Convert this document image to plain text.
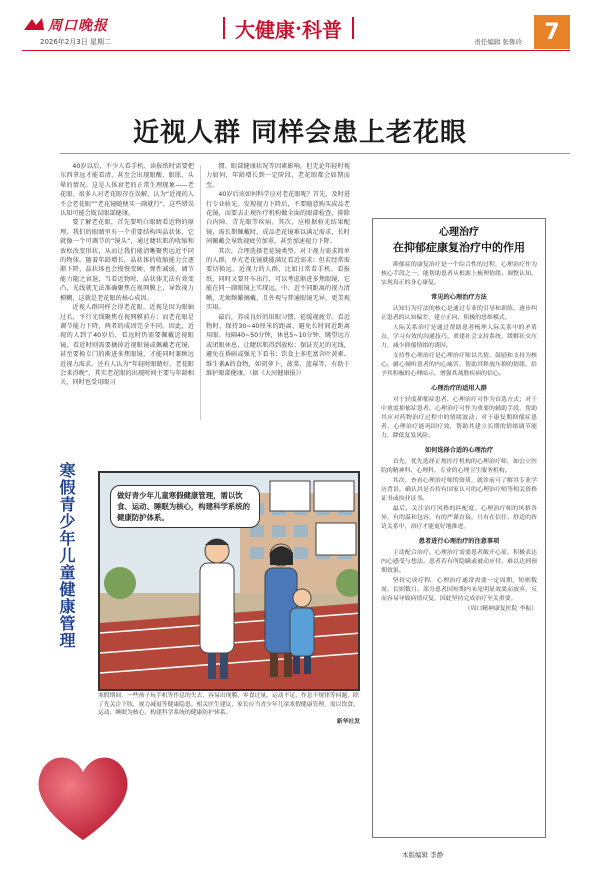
周口晚报
2026年2月3日 星期二
大健康 · 科普
责任编辑 张鲁玲	7
近视人群 同样会患上老花眼

40岁以后，不少人看手机、读报纸时需要把东西拿远才能看清，甚至会出现眼酸、眼胀、头晕的情况。这是人体衰老的正常生理现象——老花眼。很多人对老花眼存在误解，认为“近视的人不会老花眼”“老花镜随便买一副就行”，这些错误认知可能会耽误眼部健康。

要了解老花眼，首先要明白眼睛看近物的原理。我们的眼睛里有一个重要结构叫晶状体，它就像一个可调节的“镜头”，通过睫状肌的收缩和放松改变形状，从而让我们能清晰聚焦远近不同的物体。随着年龄增长，晶状体的收缩能力会逐渐下降，晶状体也会慢慢变硬、弹性减弱，调节能力随之衰退，当看近物时，晶状体无法有效变凸，光线就无法准确聚焦在视网膜上，导致视力模糊，这就是老花眼的核心成因。

近视人群同样会得老花眼。近视是因为眼轴过长，平行光线聚焦在视网膜前方；而老花眼是调节能力下降，两者的成因完全不同。因此，近视的人到了40岁后，看远时仍需要佩戴近视眼镜，看近时则需要摘掉近视眼镜或佩戴老花镜，甚至要换专门的渐进多焦眼镜，才能同时兼顾远近视力需求。还有人认为“年轻时眼睛好，老花眼会来得晚”，其实老花眼的出现时间主要与年龄相关，同时也受用眼习

惯、眼部健康状况等因素影响，但无论年轻时视力如何，年龄增长到一定阶段，老花眼都会如期而至。

40岁后该如何科学应对老花眼呢？首先，及时进行专业验光。发现视力下降后，不要随意购买成品老花镜，而要去正规医疗机构做全面的眼部检查，排除白内障、青光眼等疾病。其次，应根据验光结果配镜，需长期佩戴时，成品老花镜难以满足需求，长时间佩戴会导致视疲劳加重，甚至加速视力下降。

其次，合理选择老花镜类型。对于视力需求简单的人群，单光老花镜就能满足看近需求；但若经常需要切换远、近视力的人群，比如日常看手机、看报纸，同时又要开车出行，可以考虑渐进多焦眼镜，它能在同一副眼镜上实现远、中、近不同距离的视力清晰，无须频繁摘戴，且外观与普通眼镜无异，更美观实用。

最后，养成良好的用眼习惯，延缓视疲劳。看近物时，保持30~40厘米的距离，避免长时间近距离用眼。每隔40~50分钟，休息5~10分钟，眺望远方或闭眼休息，让睫状肌得到放松；保证充足的光线，避免在昏暗或强光下看书；饮食上多吃富含叶黄素、维生素A的食物，如胡萝卜、菠菜、蓝莓等，有助于维护眼部健康。（据《大河健康报》）

心理治疗
在抑郁症康复治疗中的作用

抑郁症的康复治疗是一个综合性的过程，心理治疗作为核心手段之一，能帮助患者从根源上梳理情绪、调整认知，实现真正的身心康复。

常见的心理治疗方法

认知行为疗法的核心是通过专业的引导和训练，逐步纠正患者的认知偏差，建立正向、积极的思维模式。

人际关系治疗是通过帮助患者梳理人际关系中的矛盾点，学习有效的沟通技巧，重建社会支持系统，缓解社交压力，减少抑郁情绪的诱因。

支持性心理治疗是心理治疗师以共情、鼓励和支持为核心，耐心倾听患者的内心痛苦，帮助其释放压抑的情绪，给予其积极的心理暗示，增强其战胜疾病的信心。

心理治疗的适用人群

对于轻度抑郁症患者，心理治疗可作为首选方式；对于中重度抑郁症患者，心理治疗可作为重要的辅助手段，帮助其应对药物治疗过程中的情绪波动；对于康复期抑郁症患者，心理治疗能巩固疗效，帮助其建立长期的情绪调节能力，降低复发风险。

如何选择合适的心理治疗

首先，优先选择正规医疗机构的心理治疗师，如公立医院的精神科、心理科，专业的心理卫生服务机构。

其次，查看心理治疗师的资质，就诊前可了解其专业学历背景，确认其是否持有国家认可的心理治疗师等相关资格证书或执业证书。

最后，关注治疗风格的匹配度。心理治疗师的风格各异，有的温和包容，有的严谨直接。只有在信任、舒适的咨访关系中，治疗才能更好地推进。

患者进行心理治疗的注意事项

主动配合治疗。心理治疗需要患者敞开心扉，积极表达内心感受与想法。患者若有所隐瞒或被动应付，难以达到预期效果。

坚持完成疗程。心理治疗通常需要一定周期，短则数周，长则数月。部分患者因短期内未见明显效果而放弃，反而容易导致病情反复，因此坚持完成治疗至关重要。

（周口精神康复医院 李振）
寒假青少年儿童健康管理	做好青少年儿童寒假健康管理，需以饮食、运动、睡眠为核心，构建科学系统的健康防护体系。
寒假期间，一些孩子玩手机等作息的失去，容易出现膜、零食过量、运动不足、作息不规律等问题，除了先关注下肢，视力减退等健康隐患。相关医生建议，家长应当青少年儿童寒假健康管理，需以饮食、运动、睡眠为核心，构建科学系统的健康防护体系。
新华社发
本版编辑 李静
